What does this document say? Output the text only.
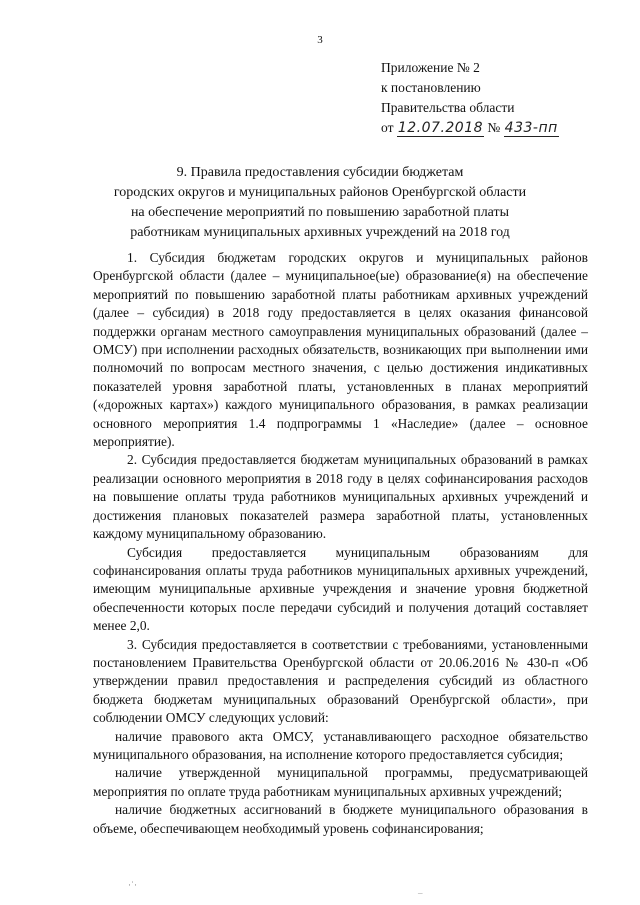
3
Приложение № 2
к постановлению
Правительства области
от 12.07.2018 № 433-пп
9. Правила предоставления субсидии бюджетам
городских округов и муниципальных районов Оренбургской области
на обеспечение мероприятий по повышению заработной платы
работникам муниципальных архивных учреждений на 2018 год

1. Субсидия бюджетам городских округов и муниципальных районов Оренбургской области (далее – муниципальное(ые) образование(я) на обеспечение мероприятий по повышению заработной платы работникам архивных учреждений (далее – субсидия) в 2018 году предоставляется в целях оказания финансовой поддержки органам местного самоуправления муниципальных образований (далее – ОМСУ) при исполнении расходных обязательств, возникающих при выполнении ими полномочий по вопросам местного значения, с целью достижения индикативных показателей уровня заработной платы, установленных в планах мероприятий («дорожных картах») каждого муниципального образования, в рамках реализации основного мероприятия 1.4 подпрограммы 1 «Наследие» (далее – основное мероприятие).

2. Субсидия предоставляется бюджетам муниципальных образований в рамках реализации основного мероприятия в 2018 году в целях софинансирования расходов на повышение оплаты труда работников муниципальных архивных учреждений и достижения плановых показателей размера заработной платы, установленных каждому муниципальному образованию.

Субсидия предоставляется муниципальным образованиям для софинансирования оплаты труда работников муниципальных архивных учреждений, имеющим муниципальные архивные учреждения и значение уровня бюджетной обеспеченности которых после передачи субсидий и получения дотаций составляет менее 2,0.

3. Субсидия предоставляется в соответствии с требованиями, установленными постановлением Правительства Оренбургской области от 20.06.2016 № 430-п «Об утверждении правил предоставления и распределения субсидий из областного бюджета бюджетам муниципальных образований Оренбургской области», при соблюдении ОМСУ следующих условий:

наличие правового акта ОМСУ, устанавливающего расходное обязательство муниципального образования, на исполнение которого предоставляется субсидия;

наличие утвержденной муниципальной программы, предусматривающей мероприятия по оплате труда работникам муниципальных архивных учреждений;

наличие бюджетных ассигнований в бюджете муниципального образования в объеме, обеспечивающем необходимый уровень софинансирования;

·˙·
–
